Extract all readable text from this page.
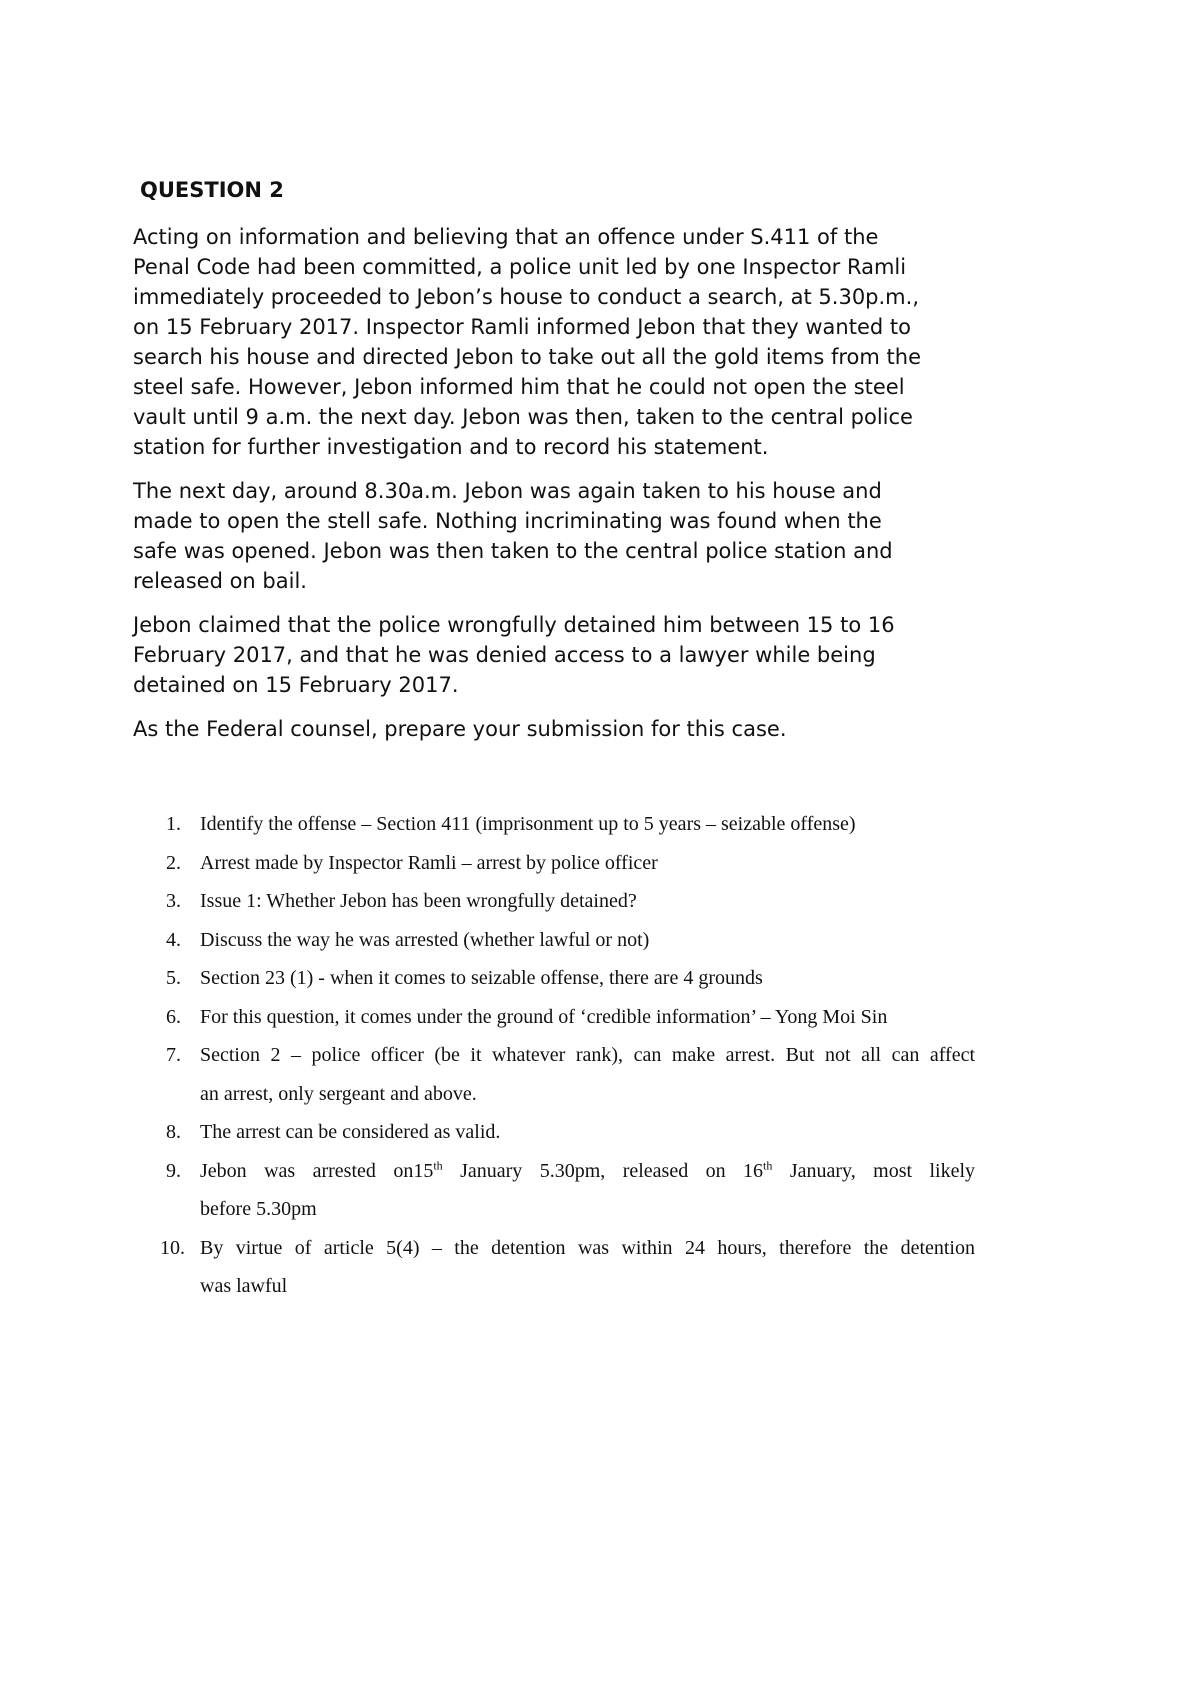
QUESTION 2

Acting on information and believing that an offence under S.411 of the
Penal Code had been committed, a police unit led by one Inspector Ramli
immediately proceeded to Jebon’s house to conduct a search, at 5.30p.m.,
on 15 February 2017. Inspector Ramli informed Jebon that they wanted to
search his house and directed Jebon to take out all the gold items from the
steel safe. However, Jebon informed him that he could not open the steel
vault until 9 a.m. the next day. Jebon was then, taken to the central police
station for further investigation and to record his statement.

The next day, around 8.30a.m. Jebon was again taken to his house and
made to open the stell safe. Nothing incriminating was found when the
safe was opened. Jebon was then taken to the central police station and
released on bail.

Jebon claimed that the police wrongfully detained him between 15 to 16
February 2017, and that he was denied access to a lawyer while being
detained on 15 February 2017.

As the Federal counsel, prepare your submission for this case.

1. Identify the offense – Section 411 (imprisonment up to 5 years – seizable offense)
2. Arrest made by Inspector Ramli – arrest by police officer
3. Issue 1: Whether Jebon has been wrongfully detained?
4. Discuss the way he was arrested (whether lawful or not)
5. Section 23 (1) - when it comes to seizable offense, there are 4 grounds
6. For this question, it comes under the ground of ‘credible information’ – Yong Moi Sin
7. Section 2 – police officer (be it whatever rank), can make arrest. But not all can affect
an arrest, only sergeant and above.
8. The arrest can be considered as valid.
9. Jebon was arrested on15th January 5.30pm, released on 16th January, most likely
before 5.30pm
10. By virtue of article 5(4) – the detention was within 24 hours, therefore the detention
was lawful
